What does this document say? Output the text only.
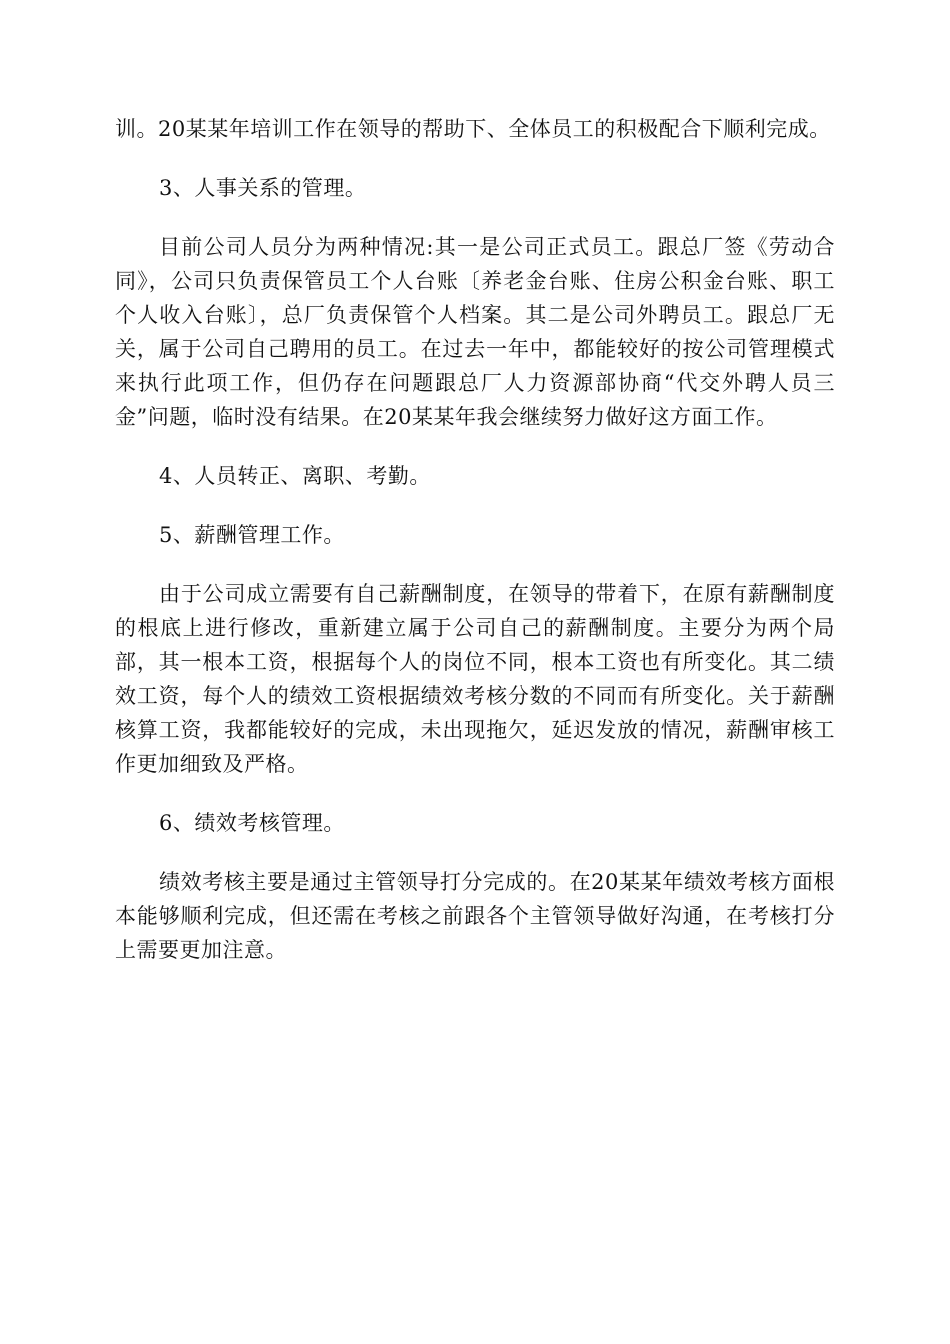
训。20某某年培训工作在领导的帮助下、全体员工的积极配合下顺利完成。

3、人事关系的管理。

目前公司人员分为两种情况:其一是公司正式员工。跟总厂签《劳动合同》，公司只负责保管员工个人台账〔养老金台账、住房公积金台账、职工个人收入台账〕，总厂负责保管个人档案。其二是公司外聘员工。跟总厂无关，属于公司自己聘用的员工。在过去一年中，都能较好的按公司管理模式来执行此项工作，但仍存在问题跟总厂人力资源部协商“代交外聘人员三金”问题，临时没有结果。在20某某年我会继续努力做好这方面工作。

4、人员转正、离职、考勤。

5、薪酬管理工作。

由于公司成立需要有自己薪酬制度，在领导的带着下，在原有薪酬制度的根底上进行修改，重新建立属于公司自己的薪酬制度。主要分为两个局部，其一根本工资，根据每个人的岗位不同，根本工资也有所变化。其二绩效工资，每个人的绩效工资根据绩效考核分数的不同而有所变化。关于薪酬核算工资，我都能较好的完成，未出现拖欠，延迟发放的情况，薪酬审核工作更加细致及严格。

6、绩效考核管理。

绩效考核主要是通过主管领导打分完成的。在20某某年绩效考核方面根本能够顺利完成，但还需在考核之前跟各个主管领导做好沟通，在考核打分上需要更加注意。
